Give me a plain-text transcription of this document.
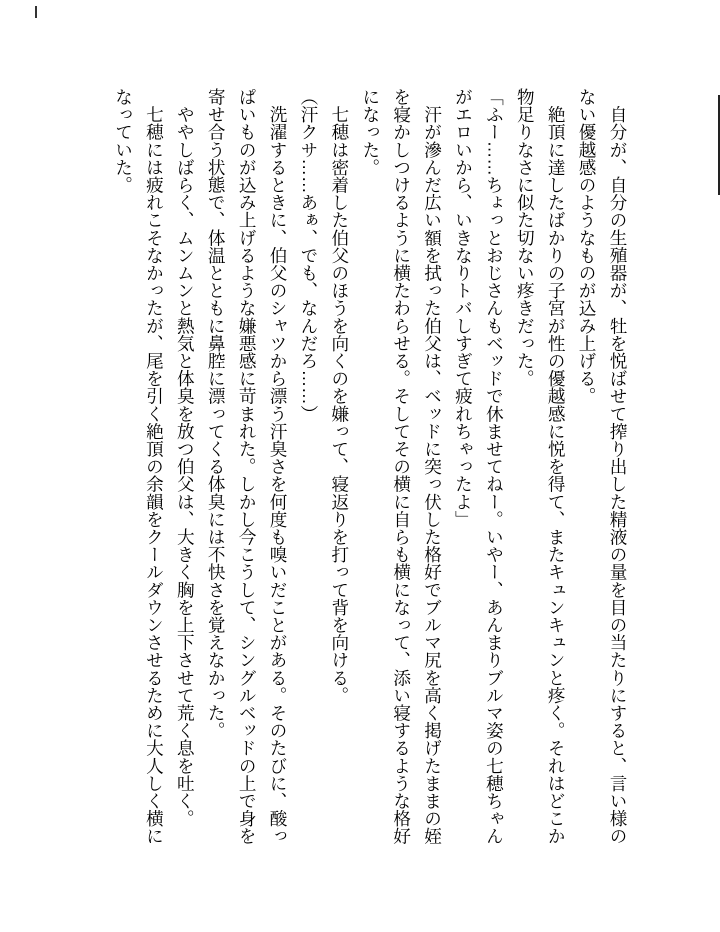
　自分が、自分の生殖器が、牡を悦ばせて搾り出した精液の量を目の当たりにすると、言い様の
ない優越感のようなものが込み上げる。
　絶頂に達したばかりの子宮が性の優越感に悦を得て、またキュンキュンと疼く。それはどこか
物足りなさに似た切ない疼きだった。
「ふー……ちょっとおじさんもベッドで休ませてねー。いやー、あんまりブルマ姿の七穂ちゃん
がエロいから、いきなりトバしすぎて疲れちゃったよ」
　汗が滲んだ広い額を拭った伯父は、ベッドに突っ伏した格好でブルマ尻を高く掲げたままの姪
を寝かしつけるように横たわらせる。そしてその横に自らも横になって、添い寝するような格好
になった。
　七穂は密着した伯父のほうを向くのを嫌って、寝返りを打って背を向ける。
（汗クサ……あぁ、でも、なんだろ……）
　洗濯するときに、伯父のシャツから漂う汗臭さを何度も嗅いだことがある。そのたびに、酸っ
ぱいものが込み上げるような嫌悪感に苛まれた。しかし今こうして、シングルベッドの上で身を
寄せ合う状態で、体温とともに鼻腔に漂ってくる体臭には不快さを覚えなかった。
　ややしばらく、ムンムンと熱気と体臭を放つ伯父は、大きく胸を上下させて荒く息を吐く。
　七穂には疲れこそなかったが、尾を引く絶頂の余韻をクールダウンさせるために大人しく横に
なっていた。
